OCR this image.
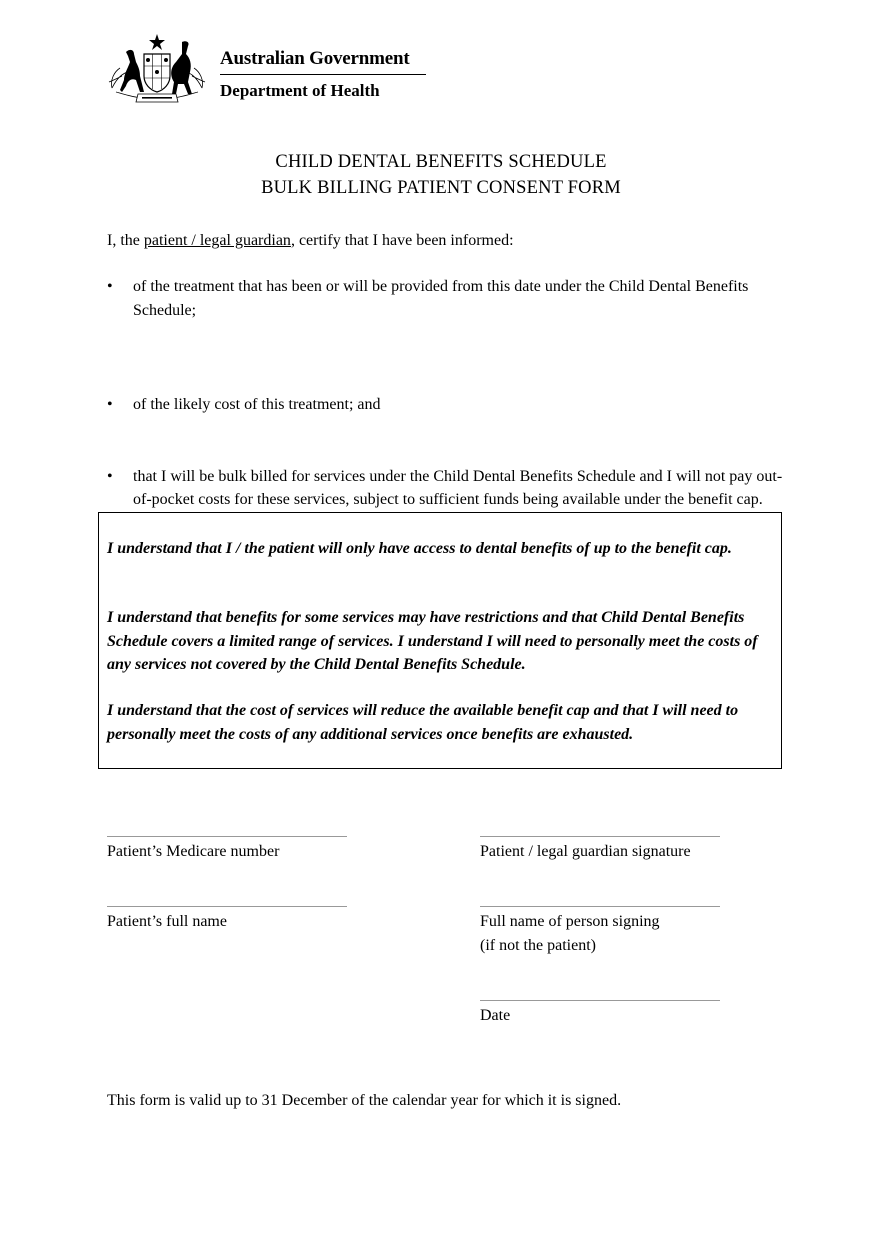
Australian Government
Department of Health
CHILD DENTAL BENEFITS SCHEDULE
BULK BILLING PATIENT CONSENT FORM
I, the patient / legal guardian, certify that I have been informed:
• of the treatment that has been or will be provided from this date under the Child Dental Benefits Schedule;
• of the likely cost of this treatment; and
• that I will be bulk billed for services under the Child Dental Benefits Schedule and I will not pay out-of-pocket costs for these services, subject to sufficient funds being available under the benefit cap.

I understand that I / the patient will only have access to dental benefits of up to the benefit cap.

I understand that benefits for some services may have restrictions and that Child Dental Benefits Schedule covers a limited range of services. I understand I will need to personally meet the costs of any services not covered by the Child Dental Benefits Schedule.

I understand that the cost of services will reduce the available benefit cap and that I will need to personally meet the costs of any additional services once benefits are exhausted.

Patient’s Medicare number	Patient / legal guardian signature
Patient’s full name	Full name of person signing
(if not the patient)
Date
This form is valid up to 31 December of the calendar year for which it is signed.
